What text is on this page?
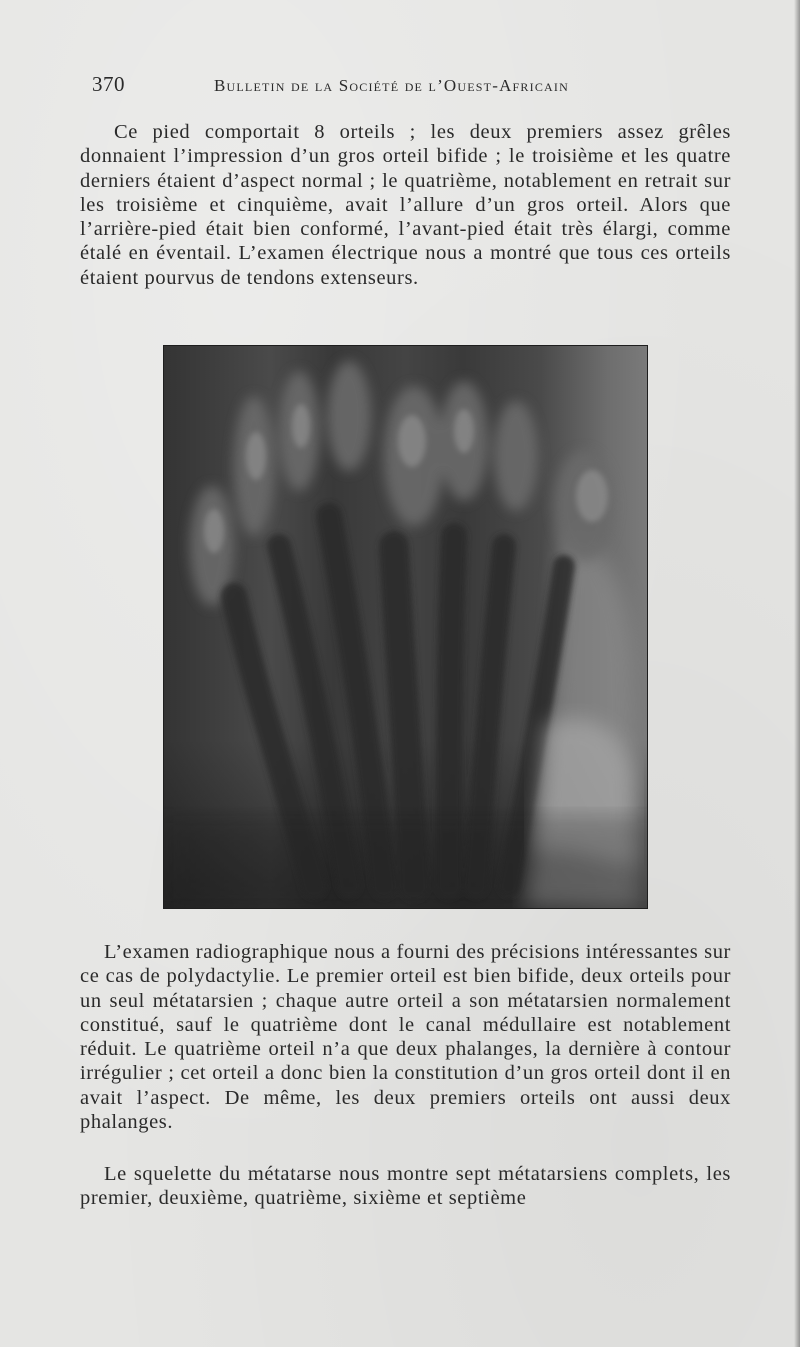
370	Bulletin de la Société de l’Ouest-Africain

Ce pied comportait 8 orteils ; les deux premiers assez grêles donnaient l’impression d’un gros orteil bifide ; le troisième et les quatre derniers étaient d’aspect normal ; le quatrième, notablement en retrait sur les troisième et cinquième, avait l’allure d’un gros orteil. Alors que l’arrière-pied était bien conformé, l’avant-pied était très élargi, comme étalé en éventail. L’examen électrique nous a montré que tous ces orteils étaient pourvus de tendons extenseurs.

L’examen radiographique nous a fourni des précisions intéressantes sur ce cas de polydactylie. Le premier orteil est bien bifide, deux orteils pour un seul métatarsien ; chaque autre orteil a son métatarsien normalement constitué, sauf le quatrième dont le canal médullaire est notablement réduit. Le quatrième orteil n’a que deux phalanges, la dernière à contour irrégulier ; cet orteil a donc bien la constitution d’un gros orteil dont il en avait l’aspect. De même, les deux premiers orteils ont aussi deux phalanges.

Le squelette du métatarse nous montre sept métatarsiens complets, les premier, deuxième, quatrième, sixième et septième
